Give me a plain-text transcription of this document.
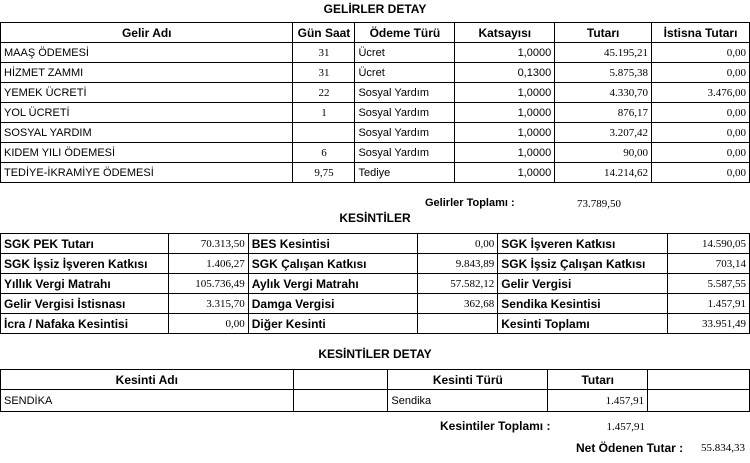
GELİRLER DETAY
Gelir Adı	Gün Saat	Ödeme Türü	Katsayısı	Tutarı	İstisna Tutarı
MAAŞ ÖDEMESİ	31	Ücret	1,0000	45.195,21	0,00
HİZMET ZAMMI	31	Ücret	0,1300	5.875,38	0,00
YEMEK ÜCRETİ	22	Sosyal Yardım	1,0000	4.330,70	3.476,00
YOL ÜCRETİ	1	Sosyal Yardım	1,0000	876,17	0,00
SOSYAL YARDIM		Sosyal Yardım	1,0000	3.207,42	0,00
KIDEM YILI ÖDEMESİ	6	Sosyal Yardım	1,0000	90,00	0,00
TEDİYE-İKRAMİYE ÖDEMESİ	9,75	Tediye	1,0000	14.214,62	0,00
Gelirler Toplamı :	73.789,50
KESİNTİLER
SGK PEK Tutarı	70.313,50	BES Kesintisi	0,00	SGK İşveren Katkısı	14.590,05
SGK İşsiz İşveren Katkısı	1.406,27	SGK Çalışan Katkısı	9.843,89	SGK İşsiz Çalışan Katkısı	703,14
Yıllık Vergi Matrahı	105.736,49	Aylık Vergi Matrahı	57.582,12	Gelir Vergisi	5.587,55
Gelir Vergisi İstisnası	3.315,70	Damga Vergisi	362,68	Sendika Kesintisi	1.457,91
İcra / Nafaka Kesintisi	0,00	Diğer Kesinti		Kesinti Toplamı	33.951,49
KESİNTİLER DETAY
Kesinti Adı		Kesinti Türü	Tutarı	
SENDİKA		Sendika	1.457,91	
Kesintiler Toplamı :	1.457,91
Net Ödenen Tutar :	55.834,33
